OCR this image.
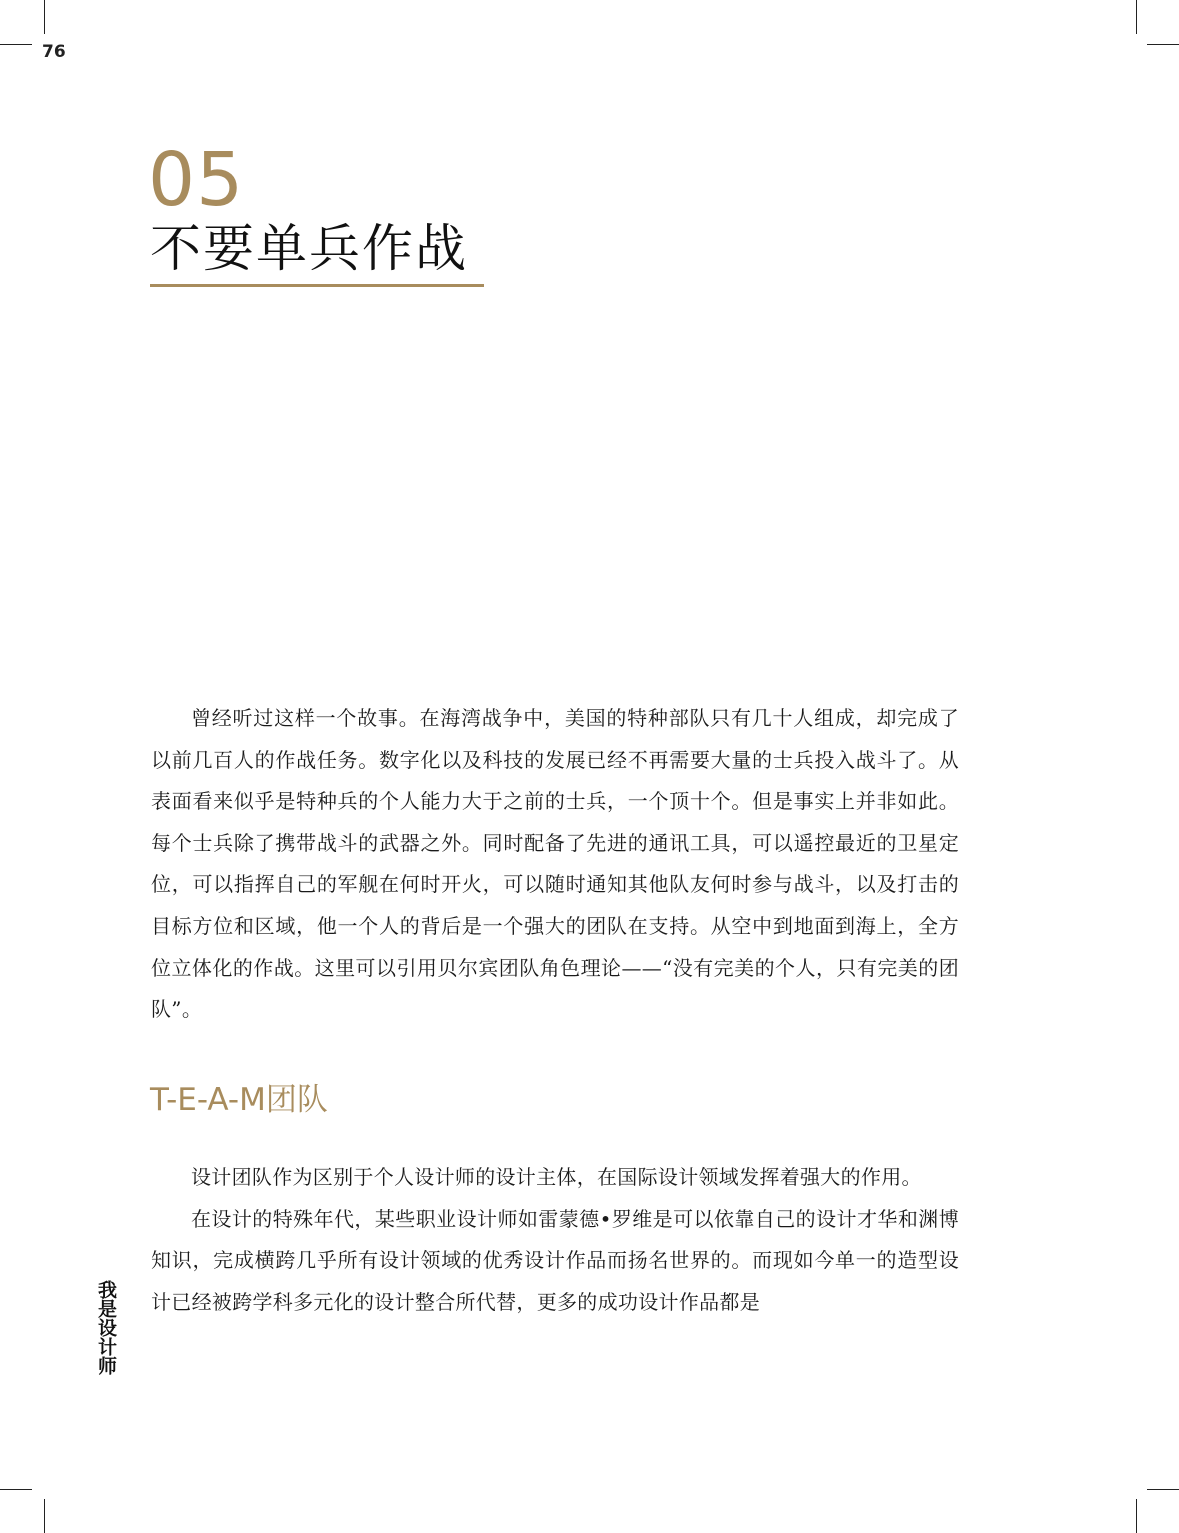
76
05
不要单兵作战

曾经听过这样一个故事。在海湾战争中，美国的特种部队只有几十人组成，却完成了以前几百人的作战任务。数字化以及科技的发展已经不再需要大量的士兵投入战斗了。从表面看来似乎是特种兵的个人能力大于之前的士兵，一个顶十个。但是事实上并非如此。每个士兵除了携带战斗的武器之外。同时配备了先进的通讯工具，可以遥控最近的卫星定位，可以指挥自己的军舰在何时开火，可以随时通知其他队友何时参与战斗，以及打击的目标方位和区域，他一个人的背后是一个强大的团队在支持。从空中到地面到海上，全方位立体化的作战。这里可以引用贝尔宾团队角色理论——“没有完美的个人，只有完美的团队”。

T-E-A-M团队

设计团队作为区别于个人设计师的设计主体，在国际设计领域发挥着强大的作用。

在设计的特殊年代，某些职业设计师如雷蒙德•罗维是可以依靠自己的设计才华和渊博知识，完成横跨几乎所有设计领域的优秀设计作品而扬名世界的。而现如今单一的造型设计已经被跨学科多元化的设计整合所代替，更多的成功设计作品都是

我是设计师
